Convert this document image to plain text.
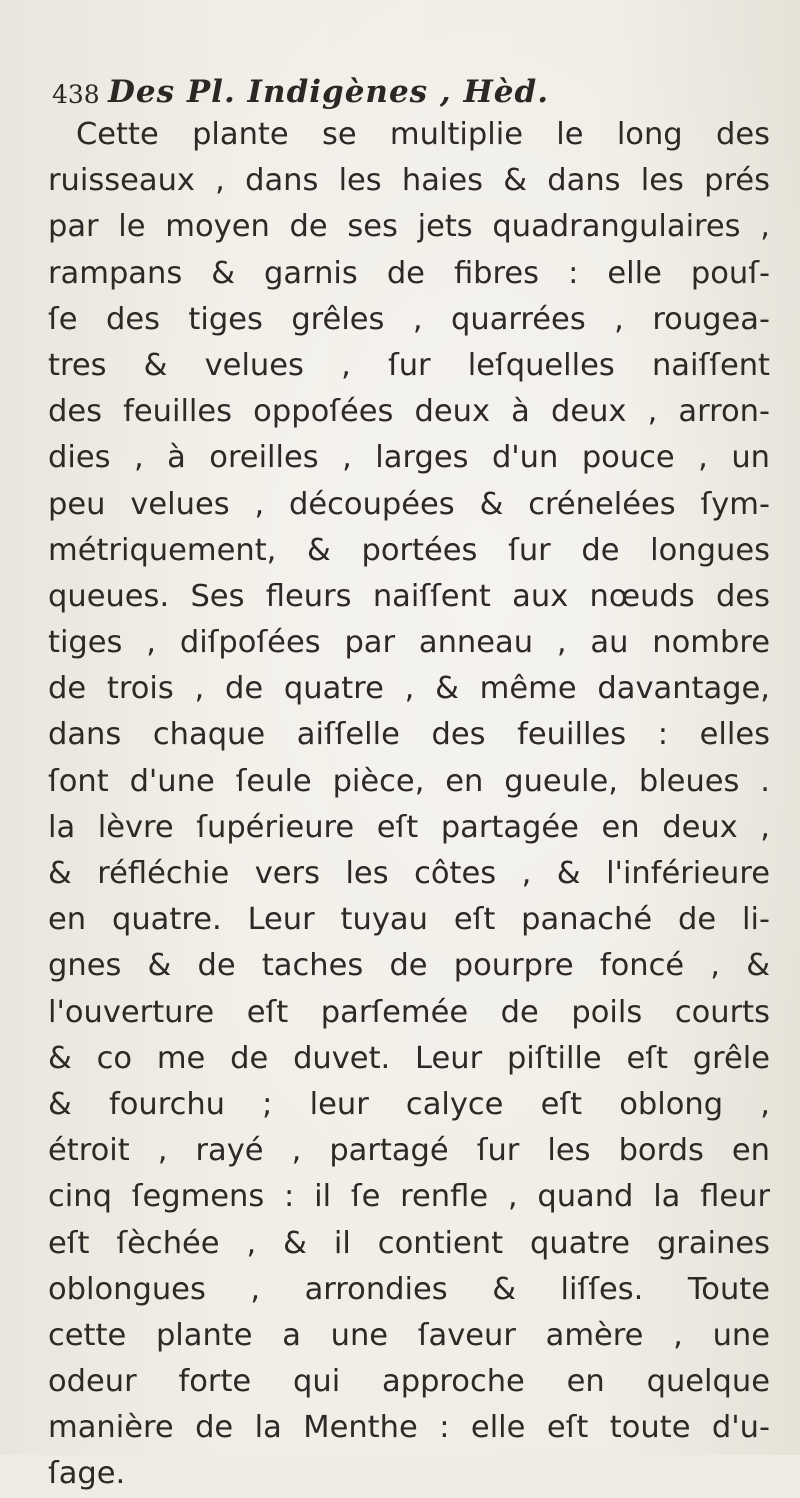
438 Des Pl. Indigènes , Hèd.
Cette plante se multiplie le long des
ruisseaux , dans les haies & dans les prés
par le moyen de ses jets quadrangulaires ,
rampans & garnis de fibres : elle pouſ-
ſe des tiges grêles , quarrées , rougea-
tres & velues , ſur leſquelles naiſſent
des feuilles oppoſées deux à deux , arron-
dies , à oreilles , larges d'un pouce , un
peu velues , découpées & crénelées ſym-
métriquement, & portées ſur de longues
queues. Ses fleurs naiſſent aux nœuds des
tiges , diſpoſées par anneau , au nombre
de trois , de quatre , & même davantage,
dans chaque aiſſelle des feuilles : elles
ſont d'une ſeule pièce, en gueule, bleues .
la lèvre ſupérieure eſt partagée en deux ,
& réfléchie vers les côtes , & l'inférieure
en quatre. Leur tuyau eſt panaché de li-
gnes & de taches de pourpre foncé , &
l'ouverture eſt parſemée de poils courts
& co me de duvet. Leur piſtille eſt grêle
& fourchu ; leur calyce eſt oblong ,
étroit , rayé , partagé ſur les bords en
cinq ſegmens : il ſe renfle , quand la fleur
eſt ſèchée , & il contient quatre graines
oblongues , arrondies & liſſes. Toute
cette plante a une ſaveur amère , une
odeur forte qui approche en quelque
manière de la Menthe : elle eſt toute d'u-
ſage.
